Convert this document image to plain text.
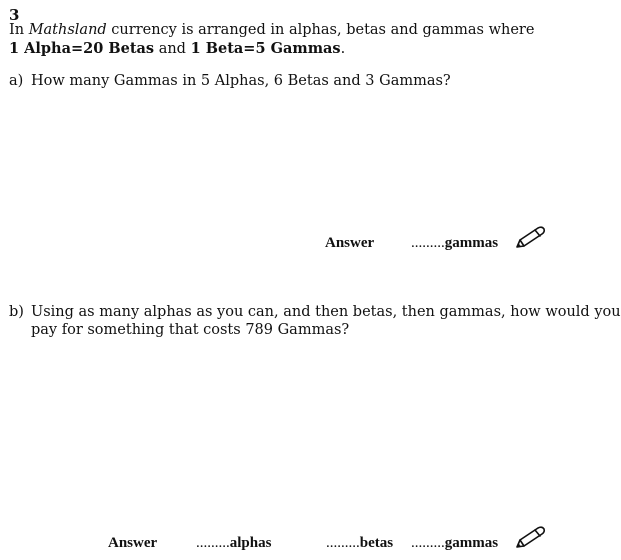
3
In Mathsland currency is arranged in alphas, betas and gammas where
1 Alpha=20 Betas and 1 Beta=5 Gammas.
a) How many Gammas in 5 Alphas, 6 Betas and 3 Gammas?
Answer .........gammas
b) Using as many alphas as you can, and then betas, then gammas, how would you
pay for something that costs 789 Gammas?
Answer	.........alphas	.........betas .........gammas
